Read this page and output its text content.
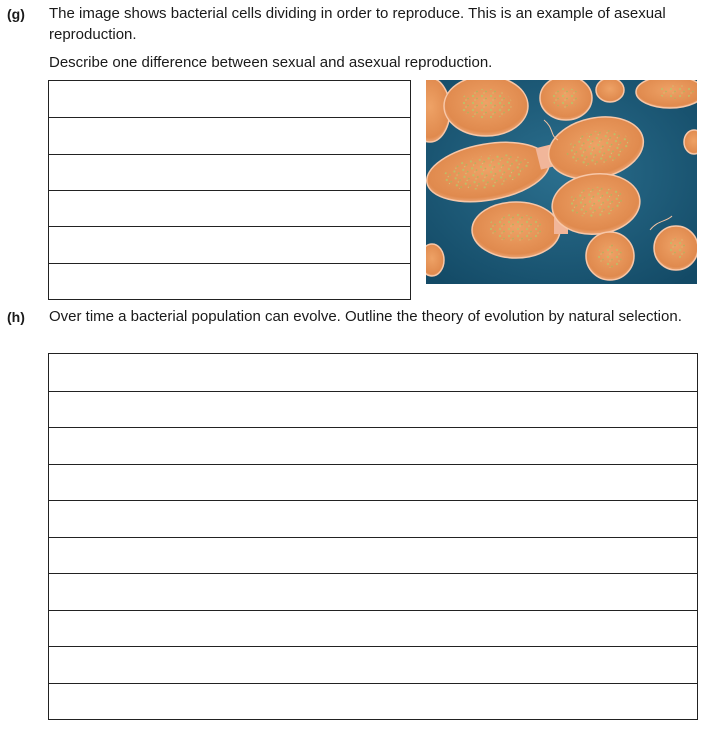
(g) The image shows bacterial cells dividing in order to reproduce. This is an example of asexual reproduction.
Describe one difference between sexual and asexual reproduction.
(h) Over time a bacterial population can evolve. Outline the theory of evolution by natural selection.
